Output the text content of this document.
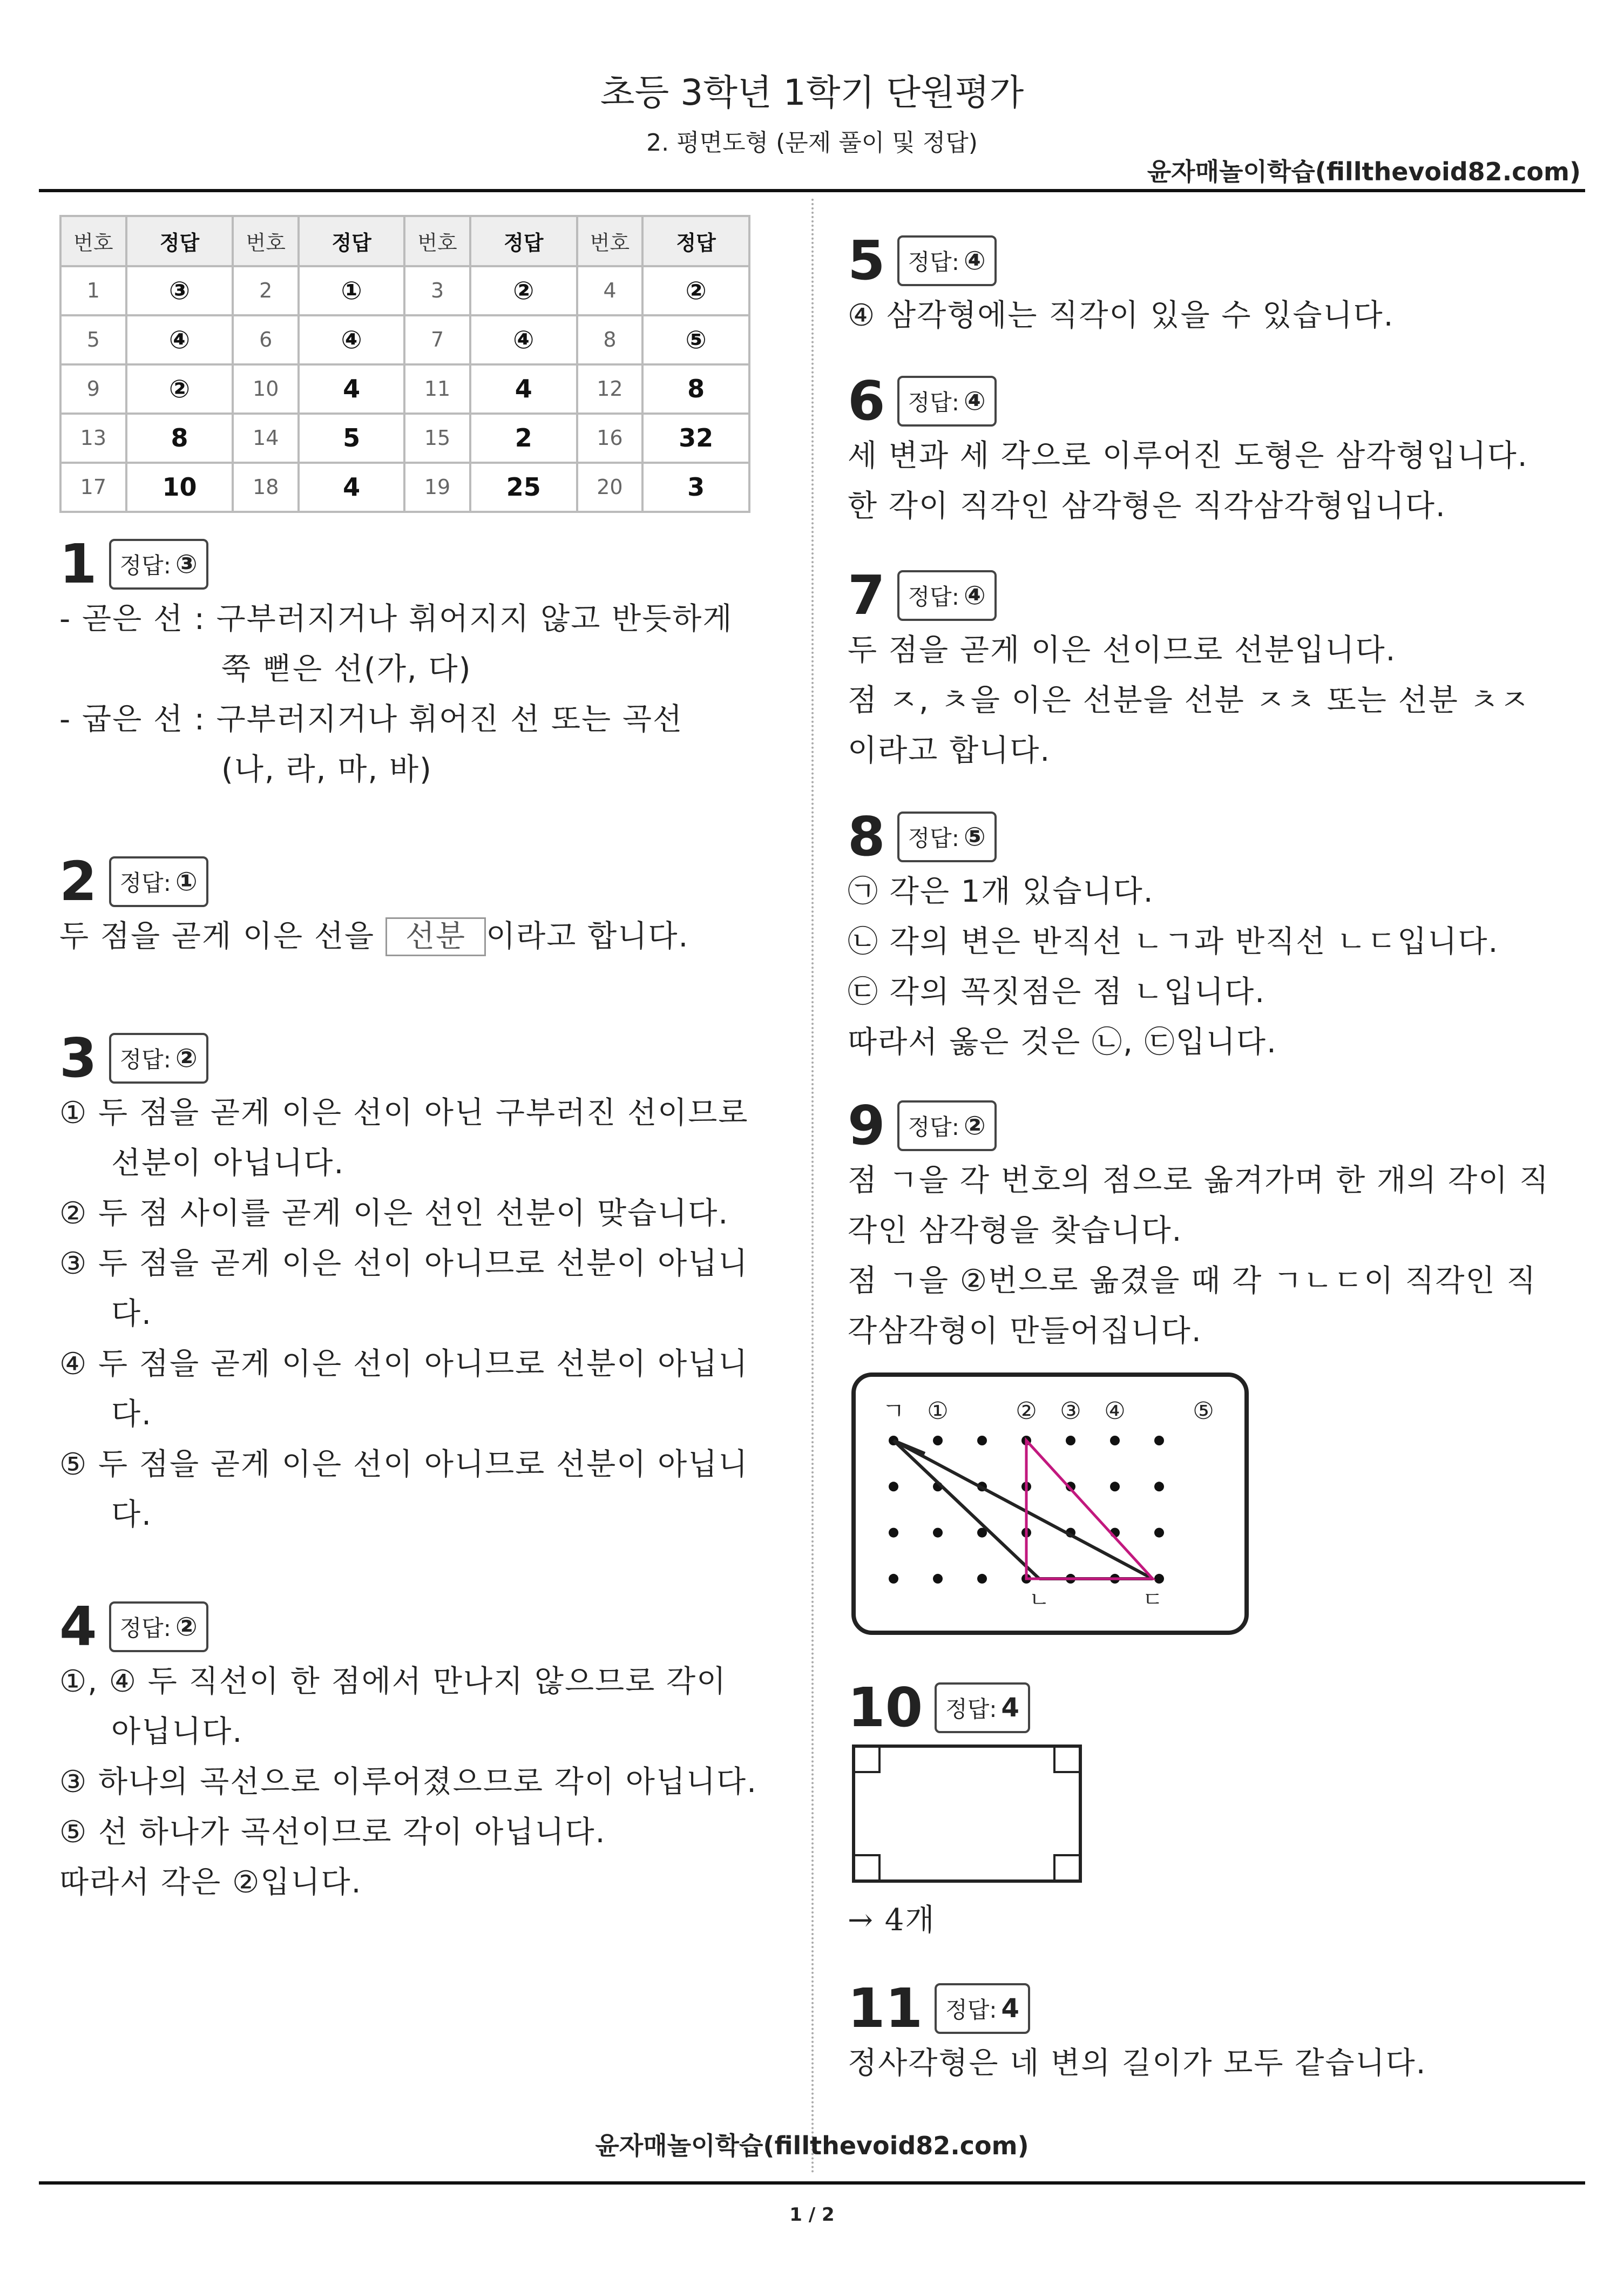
초등 3학년 1학기 단원평가
2. 평면도형 (문제 풀이 및 정답)
윤자매놀이학습(fillthevoid82.com)
번호	정답	번호	정답	번호	정답	번호	정답
1	③	2	①	3	②	4	②
5	④	6	④	7	④	8	⑤
9	②	10	4	11	4	12	8
13	8	14	5	15	2	16	32
17	10	18	4	19	25	20	3
1 정답: ③
- 곧은 선 : 구부러지거나 휘어지지 않고 반듯하게
쭉 뻗은 선(가, 다)
- 굽은 선 : 구부러지거나 휘어진 선 또는 곡선
(나, 라, 마, 바)
2 정답: ①
두 점을 곧게 이은 선을 선분 이라고 합니다.
3 정답: ②
① 두 점을 곧게 이은 선이 아닌 구부러진 선이므로
선분이 아닙니다.
② 두 점 사이를 곧게 이은 선인 선분이 맞습니다.
③ 두 점을 곧게 이은 선이 아니므로 선분이 아닙니
다.
④ 두 점을 곧게 이은 선이 아니므로 선분이 아닙니
다.
⑤ 두 점을 곧게 이은 선이 아니므로 선분이 아닙니
다.
4 정답: ②
①, ④ 두 직선이 한 점에서 만나지 않으므로 각이
아닙니다.
③ 하나의 곡선으로 이루어졌으므로 각이 아닙니다.
⑤ 선 하나가 곡선이므로 각이 아닙니다.
따라서 각은 ②입니다.
5 정답: ④
④ 삼각형에는 직각이 있을 수 있습니다.
6 정답: ④
세 변과 세 각으로 이루어진 도형은 삼각형입니다.
한 각이 직각인 삼각형은 직각삼각형입니다.
7 정답: ④
두 점을 곧게 이은 선이므로 선분입니다.
점 ㅈ, ㅊ을 이은 선분을 선분 ㅈㅊ 또는 선분 ㅊㅈ
이라고 합니다.
8 정답: ⑤
㉠ 각은 1개 있습니다.
㉡ 각의 변은 반직선 ㄴㄱ과 반직선 ㄴㄷ입니다.
㉢ 각의 꼭짓점은 점 ㄴ입니다.
따라서 옳은 것은 ㉡, ㉢입니다.
9 정답: ②
점 ㄱ을 각 번호의 점으로 옮겨가며 한 개의 각이 직
각인 삼각형을 찾습니다.
점 ㄱ을 ②번으로 옮겼을 때 각 ㄱㄴㄷ이 직각인 직
각삼각형이 만들어집니다.
ㄱ ①	② ③ ④	⑤
ㄴ	ㄷ
10 정답: 4
→ 4개
11 정답: 4
정사각형은 네 변의 길이가 모두 같습니다.
윤자매놀이학습(fillthevoid82.com)
1 / 2
